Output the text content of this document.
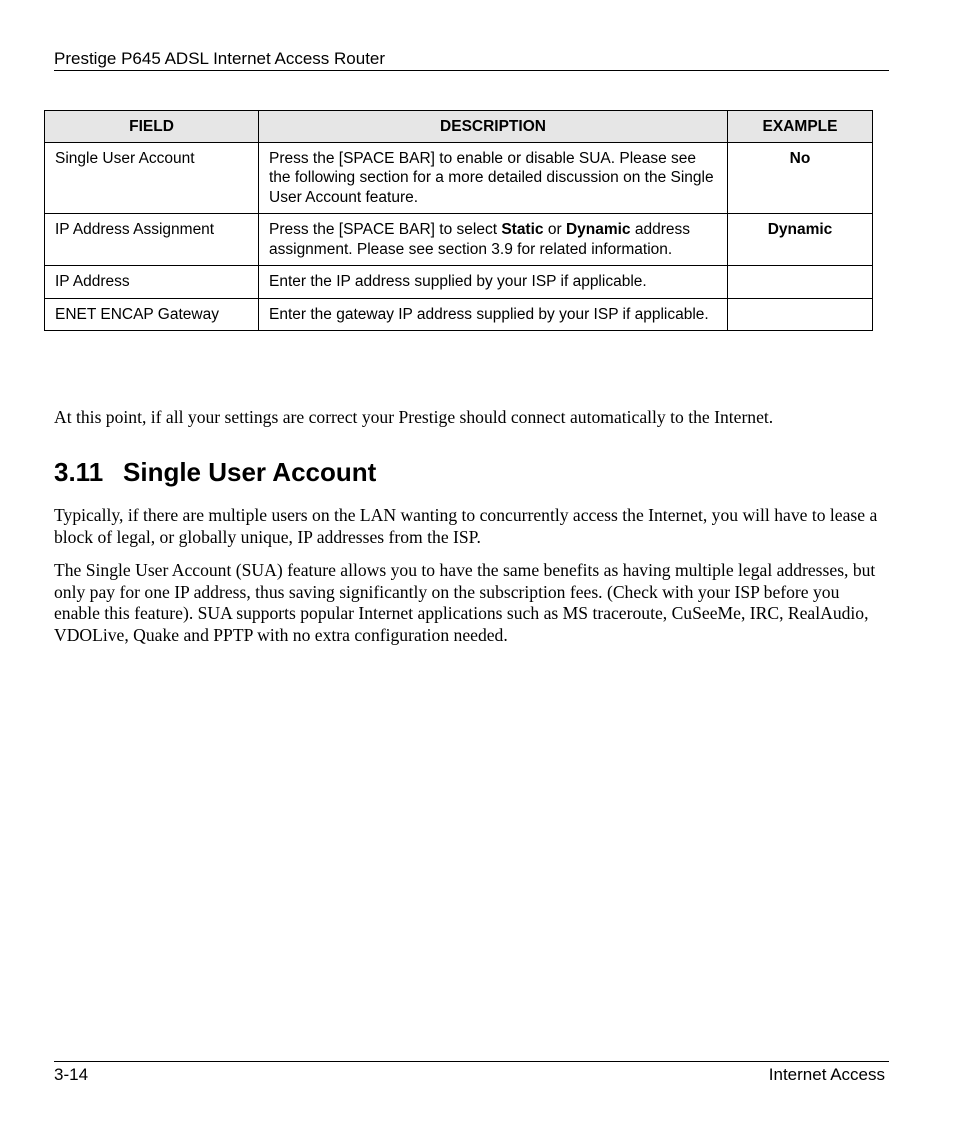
Prestige P645 ADSL Internet Access Router
FIELD	DESCRIPTION	EXAMPLE
Single User Account	Press the [SPACE BAR] to enable or disable SUA. Please see the following section for a more detailed discussion on the Single User Account feature.	No
IP Address Assignment	Press the [SPACE BAR] to select Static or Dynamic address assignment. Please see section 3.9 for related information.	Dynamic
IP Address	Enter the IP address supplied by your ISP if applicable.	
ENET ENCAP Gateway	Enter the gateway IP address supplied by your ISP if applicable.	

At this point, if all your settings are correct your Prestige should connect automatically to the Internet.

3.11 Single User Account

Typically, if there are multiple users on the LAN wanting to concurrently access the Internet, you will have to lease a block of legal, or globally unique, IP addresses from the ISP.

The Single User Account (SUA) feature allows you to have the same benefits as having multiple legal addresses, but only pay for one IP address, thus saving significantly on the subscription fees. (Check with your ISP before you enable this feature). SUA supports popular Internet applications such as MS traceroute, CuSeeMe, IRC, RealAudio, VDOLive, Quake and PPTP with no extra configuration needed.

3-14	Internet Access
